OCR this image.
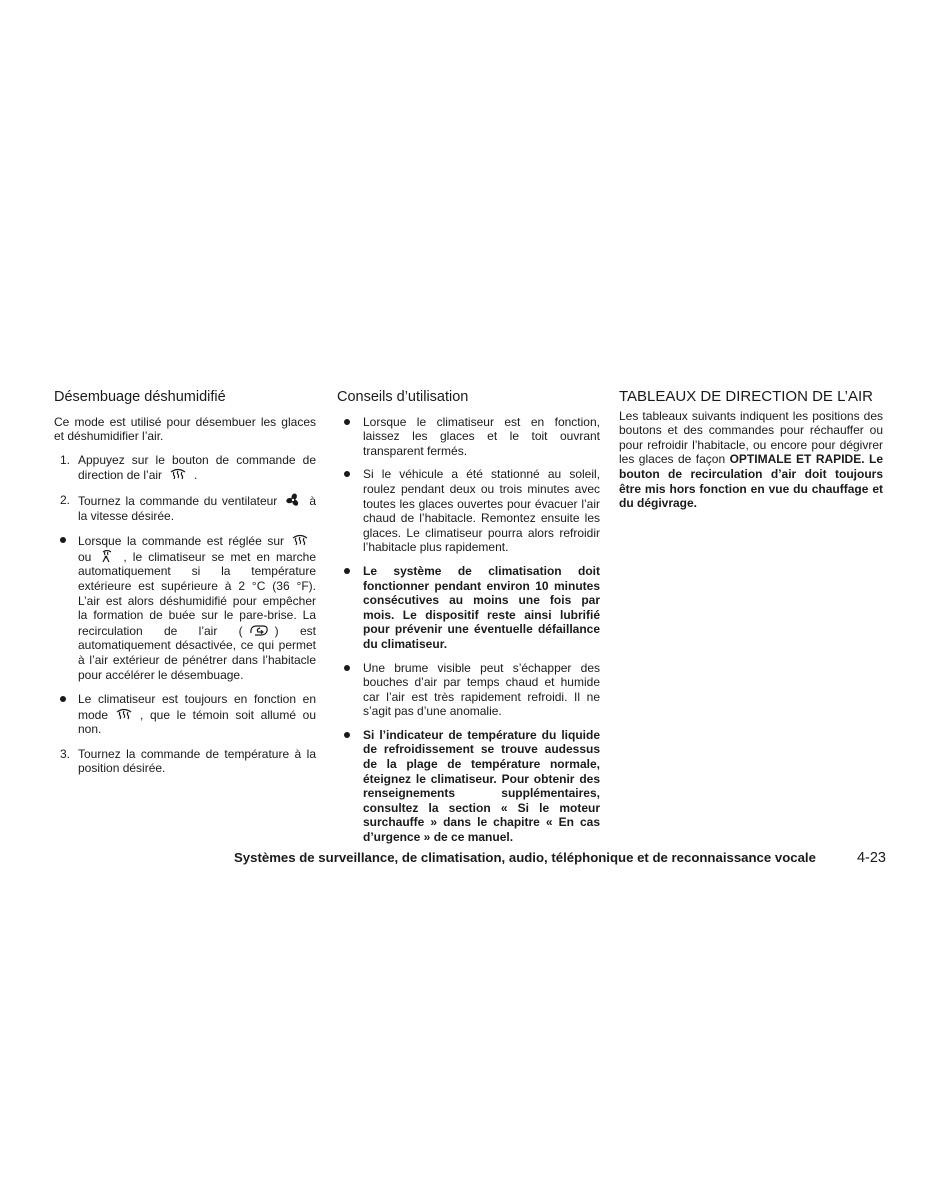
Désembuage déshumidifié

Ce mode est utilisé pour désembuer les glaces et déshumidifier l’air.

1. Appuyez sur le bouton de commande de direction de l’air	.
2. Tournez la commande du ventilateur	à la vitesse désirée.
Lorsque la commande est réglée sur
ou	, le climatiseur se met en marche automatiquement si la température extérieure est supérieure à 2 °C (36 °F). L’air est alors déshumidifié pour empêcher la formation de buée sur le pare-brise. La recirculation de l’air (	) est automatiquement désactivée, ce qui permet à l’air extérieur de pénétrer dans l’habitacle pour accélérer le désembuage.
Le climatiseur est toujours en fonction en mode	, que le témoin soit allumé ou non.
3. Tournez la commande de température à la position désirée.
Conseils d’utilisation
Lorsque le climatiseur est en fonction, laissez les glaces et le toit ouvrant transparent fermés.
Si le véhicule a été stationné au soleil, roulez pendant deux ou trois minutes avec toutes les glaces ouvertes pour évacuer l’air chaud de l’habitacle. Remontez ensuite les glaces. Le climatiseur pourra alors refroidir l’habitacle plus rapidement.
Le système de climatisation doit fonctionner pendant environ 10 minutes consécutives au moins une fois par mois. Le dispositif reste ainsi lubrifié pour prévenir une éventuelle défaillance du climatiseur.
Une brume visible peut s’échapper des bouches d’air par temps chaud et humide car l’air est très rapidement refroidi. Il ne s’agit pas d’une anomalie.
Si l’indicateur de température du liquide de refroidissement se trouve audessus de la plage de température normale, éteignez le climatiseur. Pour obtenir des renseignements supplémentaires, consultez la section « Si le moteur surchauffe » dans le chapitre « En cas d’urgence » de ce manuel.
TABLEAUX DE DIRECTION DE L’AIR

Les tableaux suivants indiquent les positions des boutons et des commandes pour réchauffer ou pour refroidir l’habitacle, ou encore pour dégivrer les glaces de façon OPTIMALE ET RAPIDE. Le bouton de recirculation d’air doit toujours être mis hors fonction en vue du chauffage et du dégivrage.

Systèmes de surveillance, de climatisation, audio, téléphonique et de reconnaissance vocale	4-23
